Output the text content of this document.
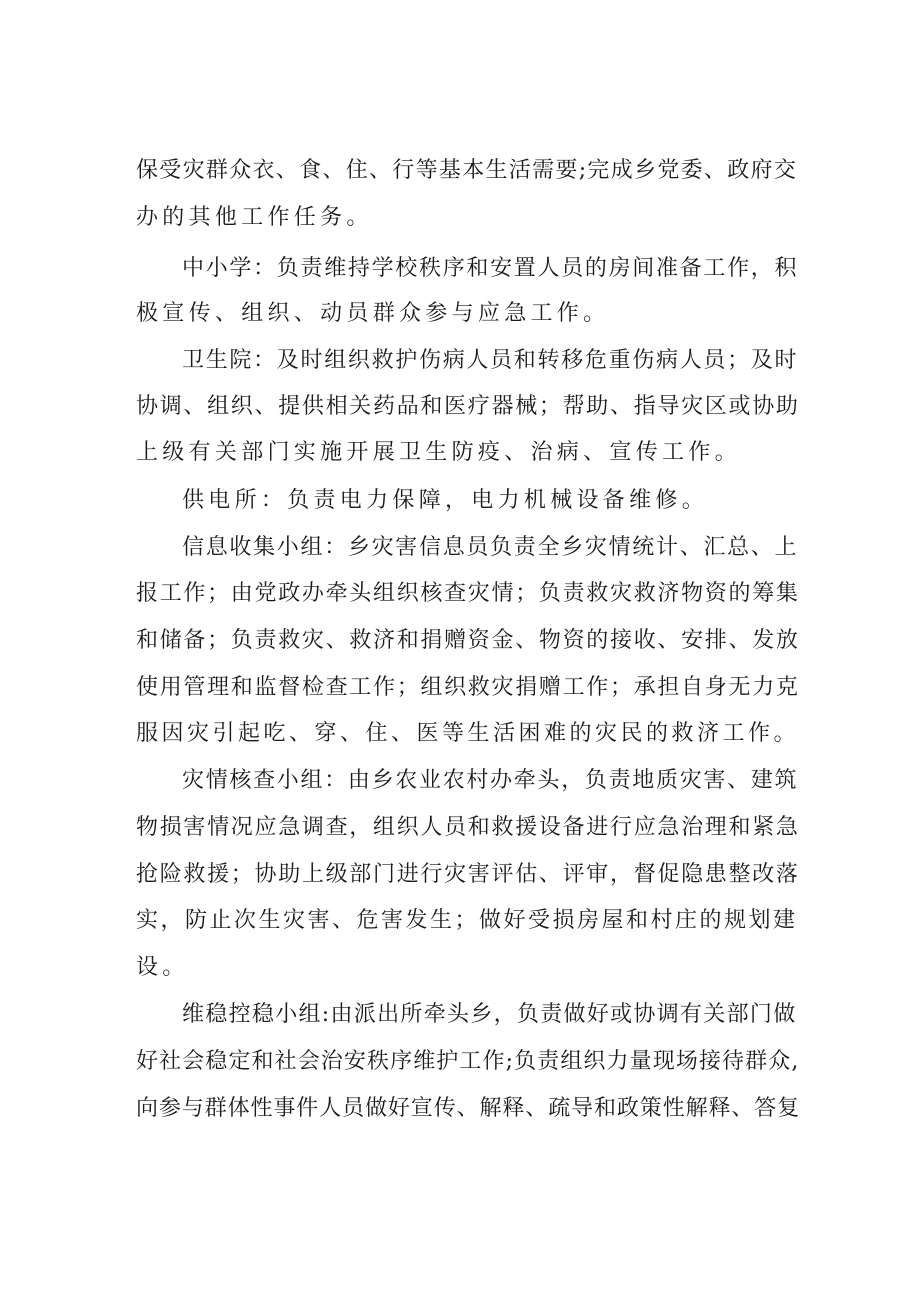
保受灾群众衣、食、住、行等基本生活需要;完成乡党委、政府交
办的其他工作任务。
中小学：负责维持学校秩序和安置人员的房间准备工作，积
极宣传、组织、动员群众参与应急工作。
卫生院：及时组织救护伤病人员和转移危重伤病人员；及时
协调、组织、提供相关药品和医疗器械；帮助、指导灾区或协助
上级有关部门实施开展卫生防疫、治病、宣传工作。
供电所：负责电力保障，电力机械设备维修。
信息收集小组：乡灾害信息员负责全乡灾情统计、汇总、上
报工作；由党政办牵头组织核查灾情；负责救灾救济物资的筹集
和储备；负责救灾、救济和捐赠资金、物资的接收、安排、发放
使用管理和监督检查工作；组织救灾捐赠工作；承担自身无力克
服因灾引起吃、穿、住、医等生活困难的灾民的救济工作。
灾情核查小组：由乡农业农村办牵头，负责地质灾害、建筑
物损害情况应急调查，组织人员和救援设备进行应急治理和紧急
抢险救援；协助上级部门进行灾害评估、评审，督促隐患整改落
实，防止次生灾害、危害发生；做好受损房屋和村庄的规划建
设。
维稳控稳小组:由派出所牵头乡，负责做好或协调有关部门做
好社会稳定和社会治安秩序维护工作;负责组织力量现场接待群众,
向参与群体性事件人员做好宣传、解释、疏导和政策性解释、答复
